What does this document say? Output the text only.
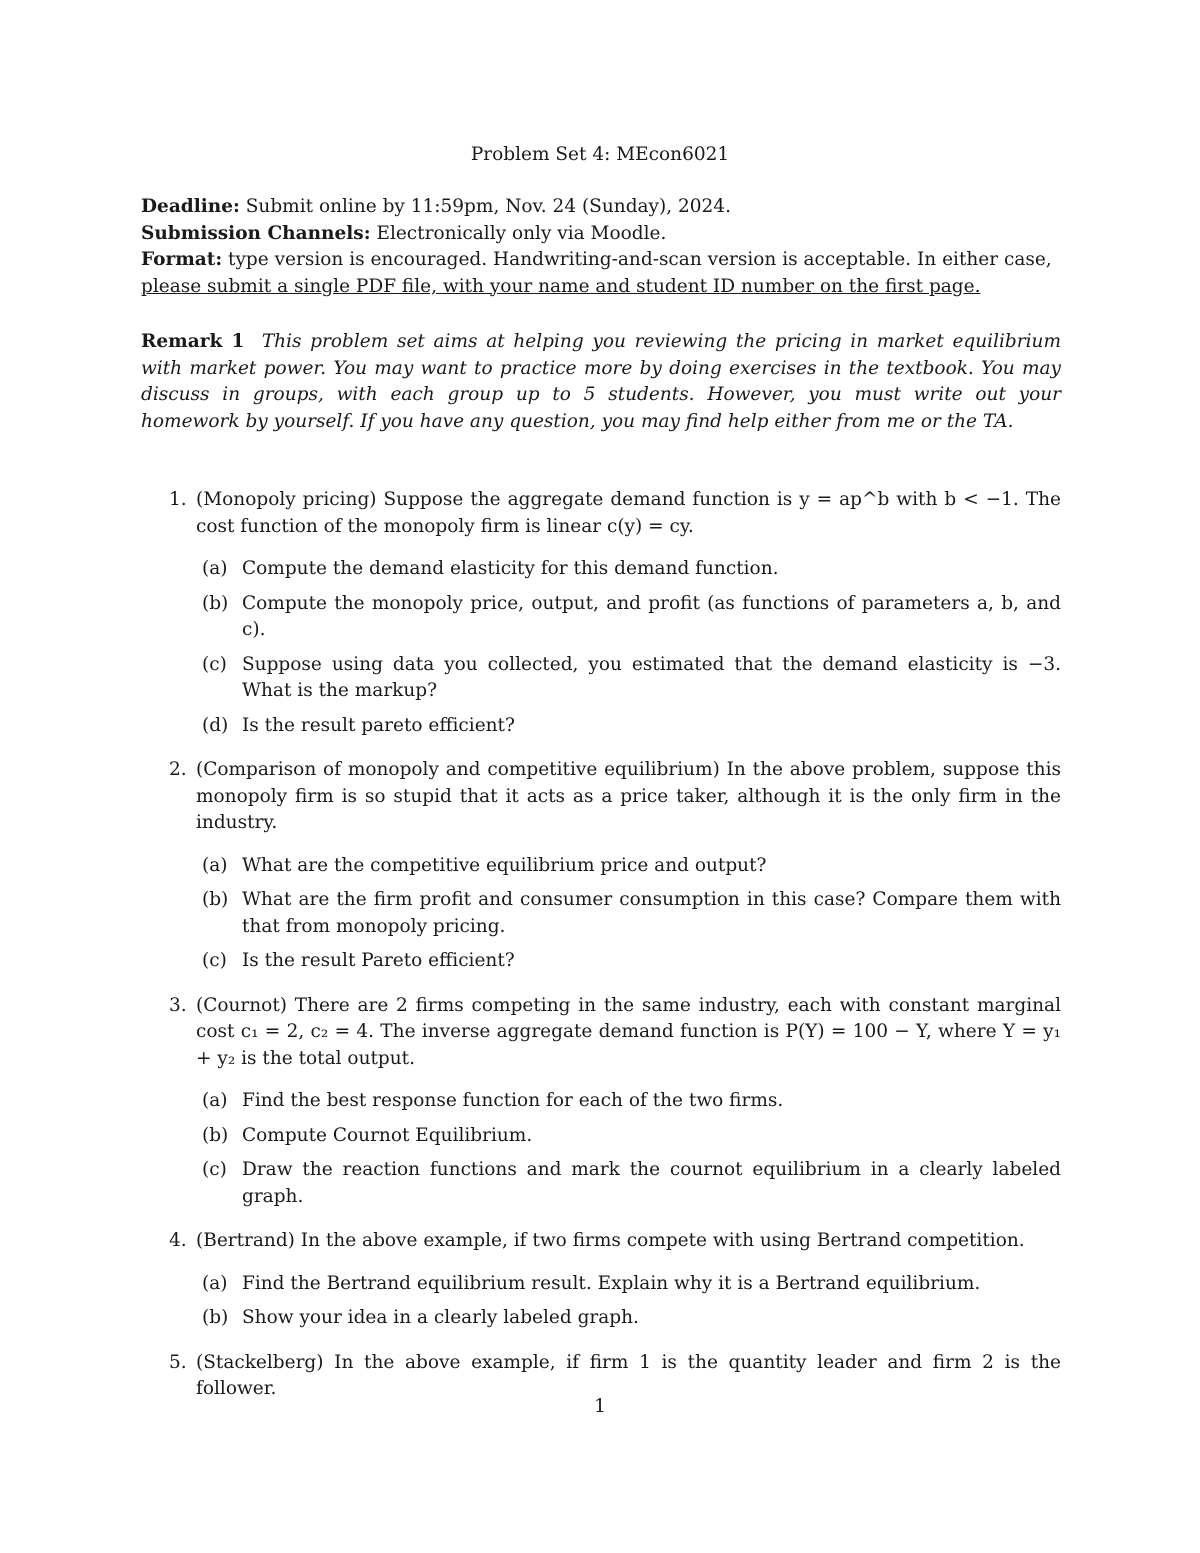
Problem Set 4: MEcon6021
Deadline: Submit online by 11:59pm, Nov. 24 (Sunday), 2024.
Submission Channels: Electronically only via Moodle.
Format: type version is encouraged. Handwriting-and-scan version is acceptable. In either case,
please submit a single PDF file, with your name and student ID number on the first page.
Remark 1 This problem set aims at helping you reviewing the pricing in market equilibrium with market power. You may want to practice more by doing exercises in the textbook. You may discuss in groups, with each group up to 5 students. However, you must write out your homework by yourself. If you have any question, you may find help either from me or the TA.
1. (Monopoly pricing) Suppose the aggregate demand function is y = ap^b with b < −1. The cost function of the monopoly firm is linear c(y) = cy.
(a) Compute the demand elasticity for this demand function.
(b) Compute the monopoly price, output, and profit (as functions of parameters a, b, and c).
(c) Suppose using data you collected, you estimated that the demand elasticity is −3. What is the markup?
(d) Is the result pareto efficient?
2. (Comparison of monopoly and competitive equilibrium) In the above problem, suppose this monopoly firm is so stupid that it acts as a price taker, although it is the only firm in the industry.
(a) What are the competitive equilibrium price and output?
(b) What are the firm profit and consumer consumption in this case? Compare them with that from monopoly pricing.
(c) Is the result Pareto efficient?
3. (Cournot) There are 2 firms competing in the same industry, each with constant marginal cost c₁ = 2, c₂ = 4. The inverse aggregate demand function is P(Y) = 100 − Y, where Y = y₁ + y₂ is the total output.
(a) Find the best response function for each of the two firms.
(b) Compute Cournot Equilibrium.
(c) Draw the reaction functions and mark the cournot equilibrium in a clearly labeled graph.
4. (Bertrand) In the above example, if two firms compete with using Bertrand competition.
(a) Find the Bertrand equilibrium result. Explain why it is a Bertrand equilibrium.
(b) Show your idea in a clearly labeled graph.
5. (Stackelberg) In the above example, if firm 1 is the quantity leader and firm 2 is the follower.
1
